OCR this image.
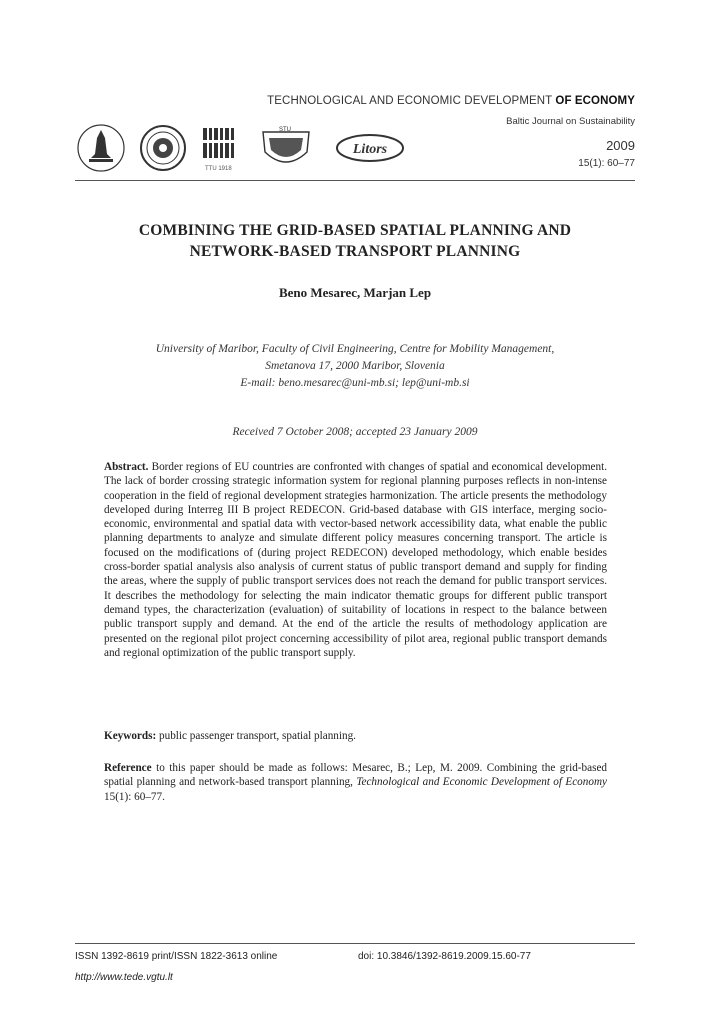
TECHNOLOGICAL AND ECONOMIC DEVELOPMENT OF ECONOMY
Baltic Journal on Sustainability
2009
15(1): 60–77
TTU 1918
STU
Litors
COMBINING THE GRID-BASED SPATIAL PLANNING AND
NETWORK-BASED TRANSPORT PLANNING
Beno Mesarec, Marjan Lep
University of Maribor, Faculty of Civil Engineering, Centre for Mobility Management,
Smetanova 17, 2000 Maribor, Slovenia
E-mail: beno.mesarec@uni-mb.si; lep@uni-mb.si
Received 7 October 2008; accepted 23 January 2009
Abstract. Border regions of EU countries are confronted with changes of spatial and economical development. The lack of border crossing strategic information system for regional planning purposes reflects in non-intense cooperation in the field of regional development strategies harmonization. The article presents the methodology developed during Interreg III B project REDECON. Grid-based database with GIS interface, merging socio-economic, environmental and spatial data with vector-based network accessibility data, what enable the public planning departments to analyze and simulate different policy measures concerning transport. The article is focused on the modifications of (during project REDECON) developed methodology, which enable besides cross-border spatial analysis also analysis of current status of public transport demand and supply for finding the areas, where the supply of public transport services does not reach the demand for public transport services. It describes the methodology for selecting the main indicator thematic groups for different public transport demand types, the characterization (evaluation) of suitability of locations in respect to the balance between public transport supply and demand. At the end of the article the results of methodology application are presented on the regional pilot project concerning accessibility of pilot area, regional public transport demands and regional optimization of the public transport supply.
Keywords: public passenger transport, spatial planning.
Reference to this paper should be made as follows: Mesarec, B.; Lep, M. 2009. Combining the grid-based spatial planning and network-based transport planning, Technological and Economic Development of Economy 15(1): 60–77.
ISSN 1392-8619 print/ISSN 1822-3613 online	doi: 10.3846/1392-8619.2009.15.60-77
http://www.tede.vgtu.lt
